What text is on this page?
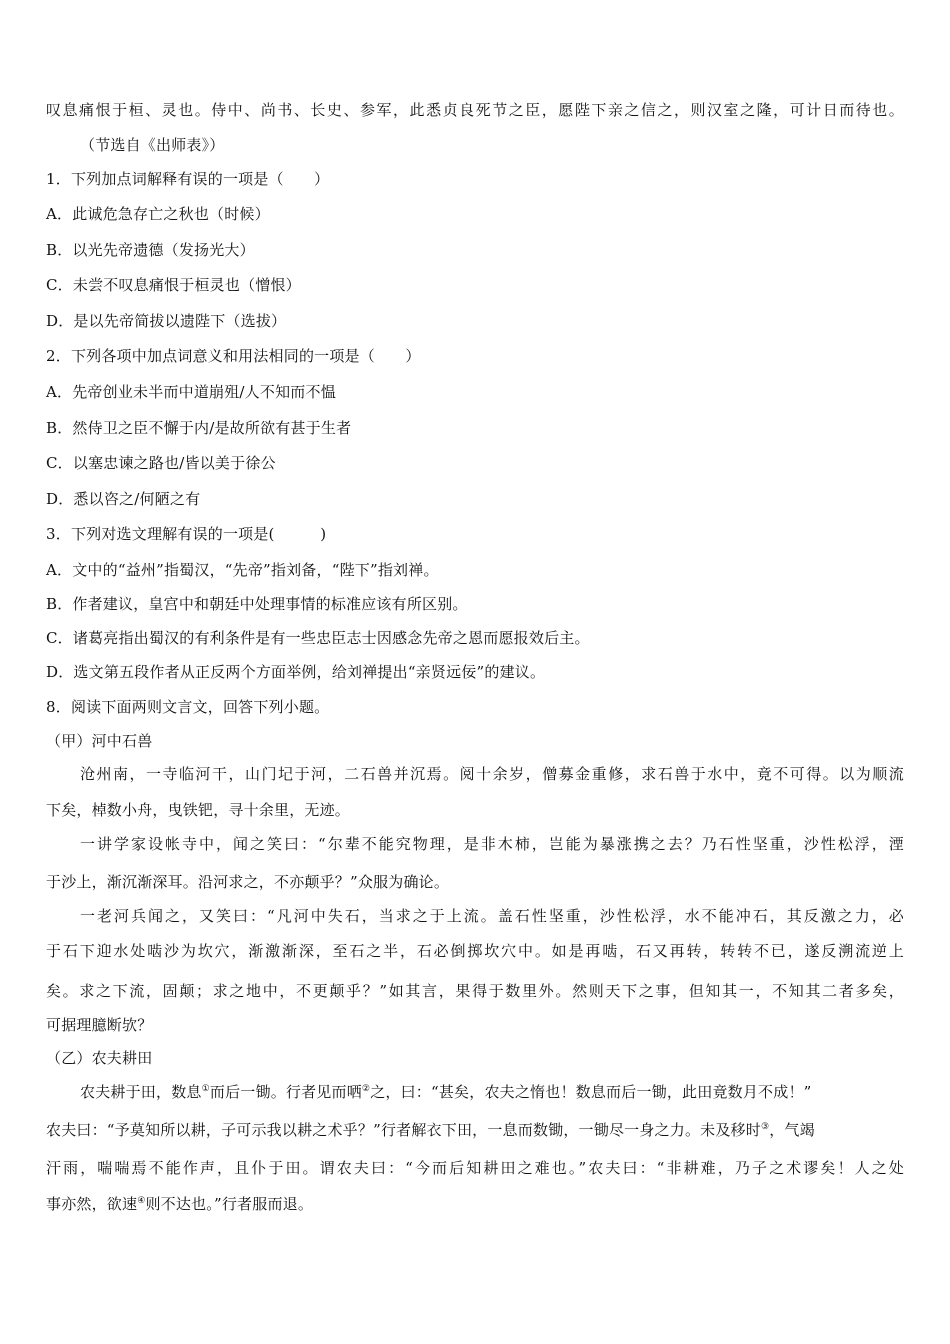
叹息痛恨于桓、灵也。侍中、尚书、长史、参军，此悉贞良死节之臣，愿陛下亲之信之，则汉室之隆，可计日而待也。
（节选自《出师表》）
1．下列加点词解释有误的一项是（　　）
A．此诚危急存亡之秋也（时候）
B．以光先帝遗德（发扬光大）
C．未尝不叹息痛恨于桓灵也（憎恨）
D．是以先帝简拔以遗陛下（选拔）
2．下列各项中加点词意义和用法相同的一项是（　　）
A．先帝创业未半而中道崩殂/人不知而不愠
B．然侍卫之臣不懈于内/是故所欲有甚于生者
C．以塞忠谏之路也/皆以美于徐公
D．悉以咨之/何陋之有
3．下列对选文理解有误的一项是(　　　)
A．文中的“益州”指蜀汉，“先帝”指刘备，“陛下”指刘禅。
B．作者建议，皇宫中和朝廷中处理事情的标准应该有所区别。
C．诸葛亮指出蜀汉的有利条件是有一些忠臣志士因感念先帝之恩而愿报效后主。
D．选文第五段作者从正反两个方面举例，给刘禅提出“亲贤远佞”的建议。
8．阅读下面两则文言文，回答下列小题。
（甲）河中石兽
沧州南，一寺临河干，山门圮于河，二石兽并沉焉。阅十余岁，僧募金重修，求石兽于水中，竟不可得。以为顺流
下矣，棹数小舟，曳铁钯，寻十余里，无迹。
一讲学家设帐寺中，闻之笑曰：“尔辈不能究物理，是非木柿，岂能为暴涨携之去？乃石性坚重，沙性松浮，湮
于沙上，渐沉渐深耳。沿河求之，不亦颠乎？”众服为确论。
一老河兵闻之，又笑曰：“凡河中失石，当求之于上流。盖石性坚重，沙性松浮，水不能冲石，其反激之力，必
于石下迎水处啮沙为坎穴，渐激渐深，至石之半，石必倒掷坎穴中。如是再啮，石又再转，转转不已，遂反溯流逆上
矣。求之下流，固颠；求之地中，不更颠乎？”如其言，果得于数里外。然则天下之事，但知其一，不知其二者多矣，
可据理臆断欤？
（乙）农夫耕田
农夫耕于田，数息①而后一锄。行者见而哂②之，曰：“甚矣，农夫之惰也！数息而后一锄，此田竟数月不成！”
农夫曰：“予莫知所以耕，子可示我以耕之术乎？”行者解衣下田，一息而数锄，一锄尽一身之力。未及移时③，气竭
汗雨，喘喘焉不能作声，且仆于田。谓农夫曰：“今而后知耕田之难也。”农夫曰：“非耕难，乃子之术谬矣！人之处
事亦然，欲速④则不达也。”行者服而退。
